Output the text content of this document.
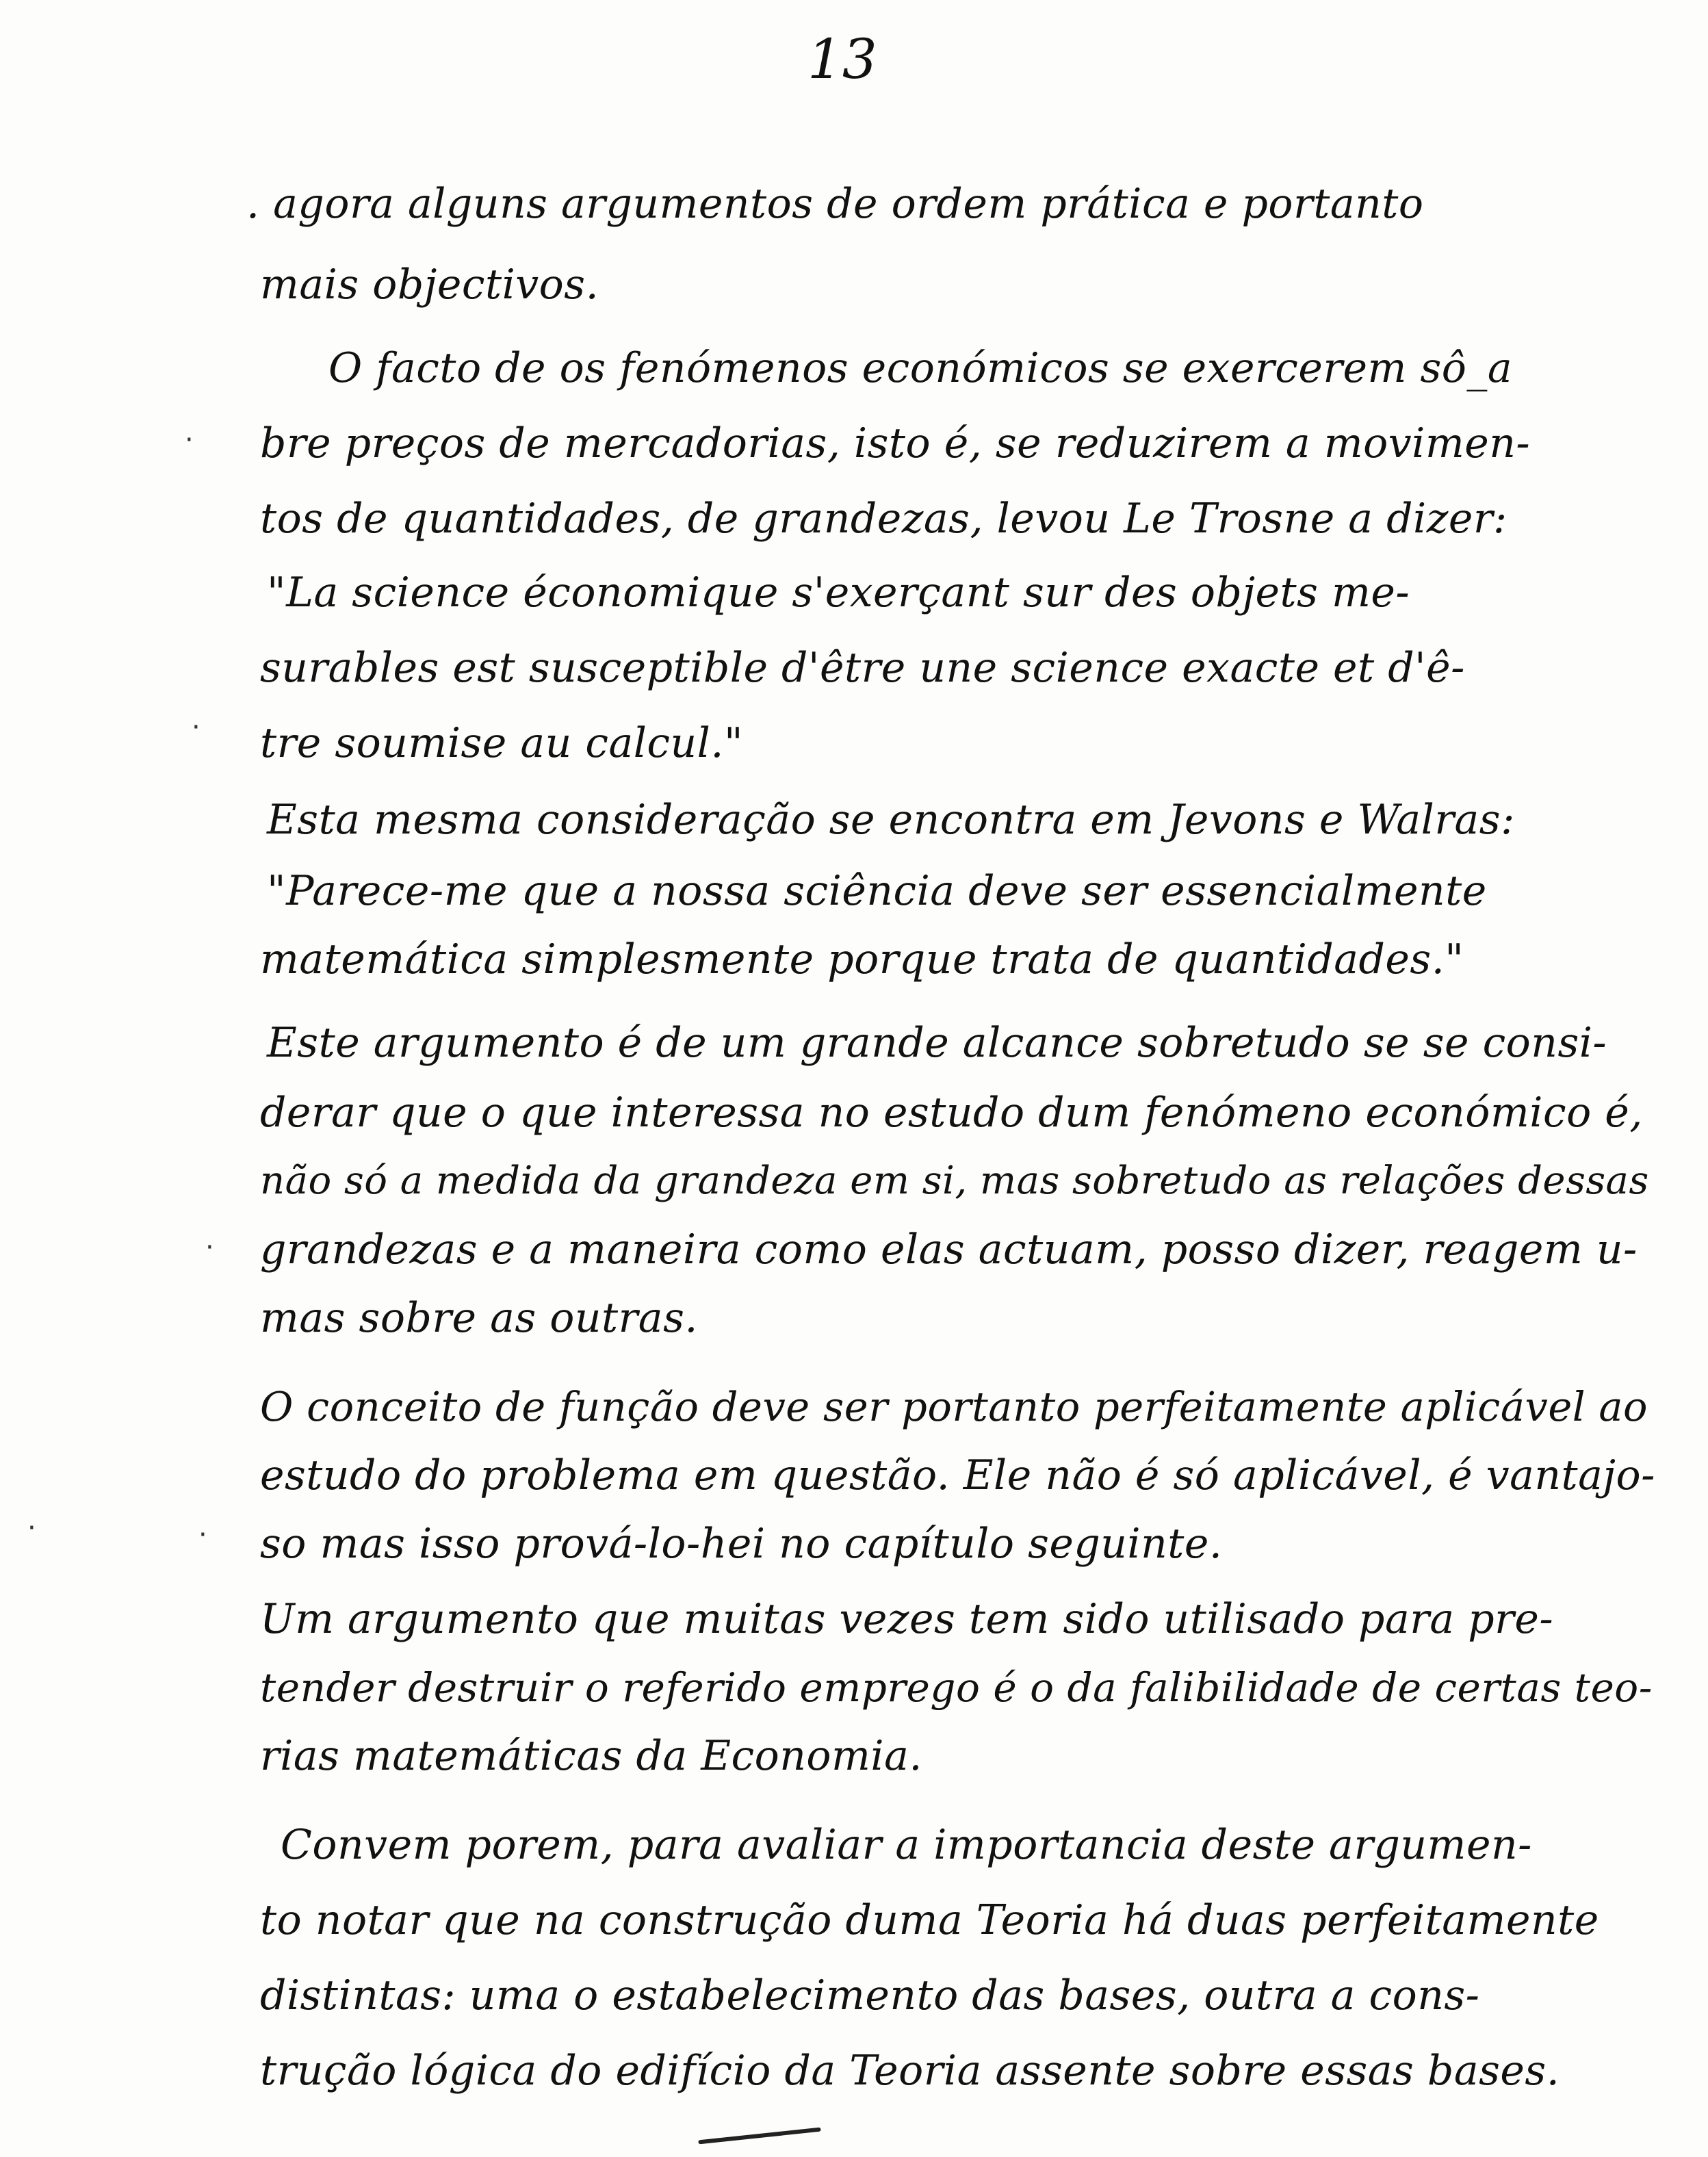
13
. agora alguns argumentos de ordem prática e portanto
mais objectivos.
O facto de os fenómenos económicos se exercerem sô_a
bre preços de mercadorias, isto é, se reduzirem a movimen-
tos de quantidades, de grandezas, levou Le Trosne a dizer:
"La science économique s'exerçant sur des objets me-
surables est susceptible d'être une science exacte et d'ê-
tre soumise au calcul."
Esta mesma consideração se encontra em Jevons e Walras:
"Parece-me que a nossa sciência deve ser essencialmente
matemática simplesmente porque trata de quantidades."
Este argumento é de um grande alcance sobretudo se se consi-
derar que o que interessa no estudo dum fenómeno económico é,
não só a medida da grandeza em si, mas sobretudo as relações dessas
grandezas e a maneira como elas actuam, posso dizer, reagem u-
mas sobre as outras.
O conceito de função deve ser portanto perfeitamente aplicável ao
estudo do problema em questão. Ele não é só aplicável, é vantajo-
so mas isso prová-lo-hei no capítulo seguinte.
Um argumento que muitas vezes tem sido utilisado para pre-
tender destruir o referido emprego é o da falibilidade de certas teo-
rias matemáticas da Economia.
Convem porem, para avaliar a importancia deste argumen-
to notar que na construção duma Teoria há duas perfeitamente
distintas: uma o estabelecimento das bases, outra a cons-
trução lógica do edifício da Teoria assente sobre essas bases.
·
·
·
·
·
